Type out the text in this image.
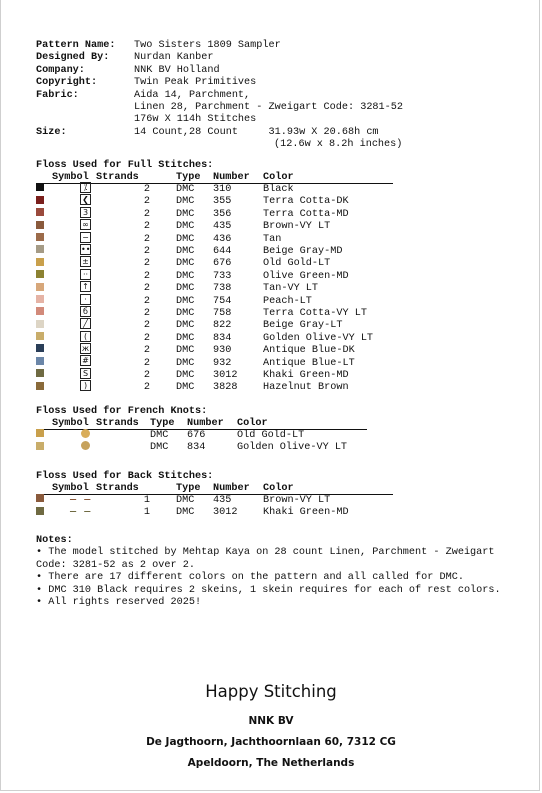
Pattern Name:	Two Sisters 1809 Sampler
Designed By:	Nurdan Kanber
Company:	NNK BV Holland
Copyright:	Twin Peak Primitives
Fabric:	Aida 14, Parchment,
Linen 28, Parchment - Zweigart Code: 3281-52
176w X 114h Stitches
Size:	14 Count,28 Count     31.93w X 20.68h cm
(12.6w x 8.2h inches)
Floss Used for Full Stitches:
	Symbol	Strands	Type	Number	Color
	⁒	2	DMC	310	Black
	❮	2	DMC	355	Terra Cotta-DK
	3	2	DMC	356	Terra Cotta-MD
	∞	2	DMC	435	Brown-VY LT
	−	2	DMC	436	Tan
	••	2	DMC	644	Beige Gray-MD
	±	2	DMC	676	Old Gold-LT
	··	2	DMC	733	Olive Green-MD
	↑	2	DMC	738	Tan-VY LT
	·	2	DMC	754	Peach-LT
	б	2	DMC	758	Terra Cotta-VY LT
	╱	2	DMC	822	Beige Gray-LT
	(	2	DMC	834	Golden Olive-VY LT
	ж	2	DMC	930	Antique Blue-DK
	#	2	DMC	932	Antique Blue-LT
	S	2	DMC	3012	Khaki Green-MD
	)	2	DMC	3828	Hazelnut Brown
Floss Used for French Knots:
	Symbol	Strands	Type	Number	Color
			DMC	676	Old Gold-LT
			DMC	834	Golden Olive-VY LT
Floss Used for Back Stitches:
	Symbol	Strands	Type	Number	Color
	— —	1	DMC	435	Brown-VY LT
	— —	1	DMC	3012	Khaki Green-MD
Notes:
• The model stitched by Mehtap Kaya on 28 count Linen, Parchment - Zweigart Code: 3281-52 as 2 over 2.
• There are 17 different colors on the pattern and all called for DMC.
• DMC 310 Black requires 2 skeins, 1 skein requires for each of rest colors.
• All rights reserved 2025!
Happy Stitching
NNK BV
De Jagthoorn, Jachthoornlaan 60, 7312 CG
Apeldoorn, The Netherlands
